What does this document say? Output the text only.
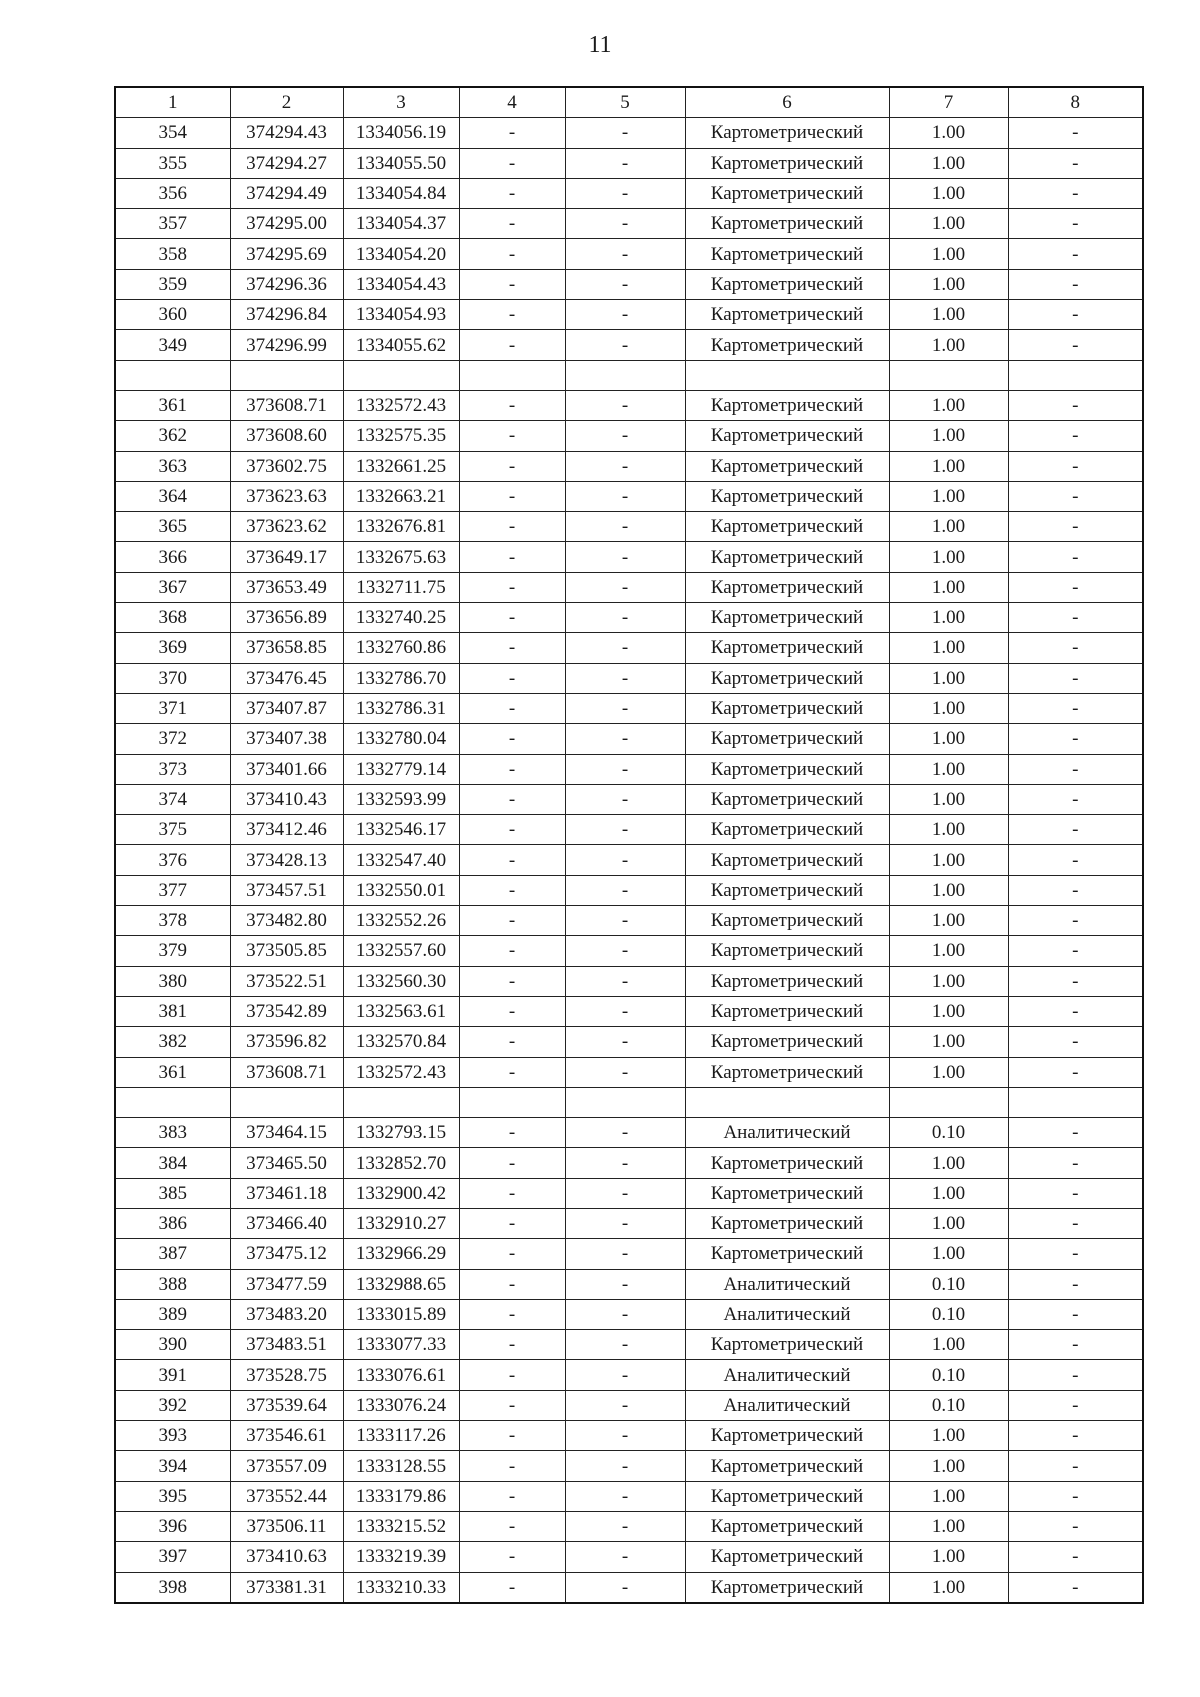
11
1	2	3	4	5	6	7	8
354	374294.43	1334056.19	-	-	Картометрический	1.00	-
355	374294.27	1334055.50	-	-	Картометрический	1.00	-
356	374294.49	1334054.84	-	-	Картометрический	1.00	-
357	374295.00	1334054.37	-	-	Картометрический	1.00	-
358	374295.69	1334054.20	-	-	Картометрический	1.00	-
359	374296.36	1334054.43	-	-	Картометрический	1.00	-
360	374296.84	1334054.93	-	-	Картометрический	1.00	-
349	374296.99	1334055.62	-	-	Картометрический	1.00	-

361	373608.71	1332572.43	-	-	Картометрический	1.00	-
362	373608.60	1332575.35	-	-	Картометрический	1.00	-
363	373602.75	1332661.25	-	-	Картометрический	1.00	-
364	373623.63	1332663.21	-	-	Картометрический	1.00	-
365	373623.62	1332676.81	-	-	Картометрический	1.00	-
366	373649.17	1332675.63	-	-	Картометрический	1.00	-
367	373653.49	1332711.75	-	-	Картометрический	1.00	-
368	373656.89	1332740.25	-	-	Картометрический	1.00	-
369	373658.85	1332760.86	-	-	Картометрический	1.00	-
370	373476.45	1332786.70	-	-	Картометрический	1.00	-
371	373407.87	1332786.31	-	-	Картометрический	1.00	-
372	373407.38	1332780.04	-	-	Картометрический	1.00	-
373	373401.66	1332779.14	-	-	Картометрический	1.00	-
374	373410.43	1332593.99	-	-	Картометрический	1.00	-
375	373412.46	1332546.17	-	-	Картометрический	1.00	-
376	373428.13	1332547.40	-	-	Картометрический	1.00	-
377	373457.51	1332550.01	-	-	Картометрический	1.00	-
378	373482.80	1332552.26	-	-	Картометрический	1.00	-
379	373505.85	1332557.60	-	-	Картометрический	1.00	-
380	373522.51	1332560.30	-	-	Картометрический	1.00	-
381	373542.89	1332563.61	-	-	Картометрический	1.00	-
382	373596.82	1332570.84	-	-	Картометрический	1.00	-
361	373608.71	1332572.43	-	-	Картометрический	1.00	-

383	373464.15	1332793.15	-	-	Аналитический	0.10	-
384	373465.50	1332852.70	-	-	Картометрический	1.00	-
385	373461.18	1332900.42	-	-	Картометрический	1.00	-
386	373466.40	1332910.27	-	-	Картометрический	1.00	-
387	373475.12	1332966.29	-	-	Картометрический	1.00	-
388	373477.59	1332988.65	-	-	Аналитический	0.10	-
389	373483.20	1333015.89	-	-	Аналитический	0.10	-
390	373483.51	1333077.33	-	-	Картометрический	1.00	-
391	373528.75	1333076.61	-	-	Аналитический	0.10	-
392	373539.64	1333076.24	-	-	Аналитический	0.10	-
393	373546.61	1333117.26	-	-	Картометрический	1.00	-
394	373557.09	1333128.55	-	-	Картометрический	1.00	-
395	373552.44	1333179.86	-	-	Картометрический	1.00	-
396	373506.11	1333215.52	-	-	Картометрический	1.00	-
397	373410.63	1333219.39	-	-	Картометрический	1.00	-
398	373381.31	1333210.33	-	-	Картометрический	1.00	-
